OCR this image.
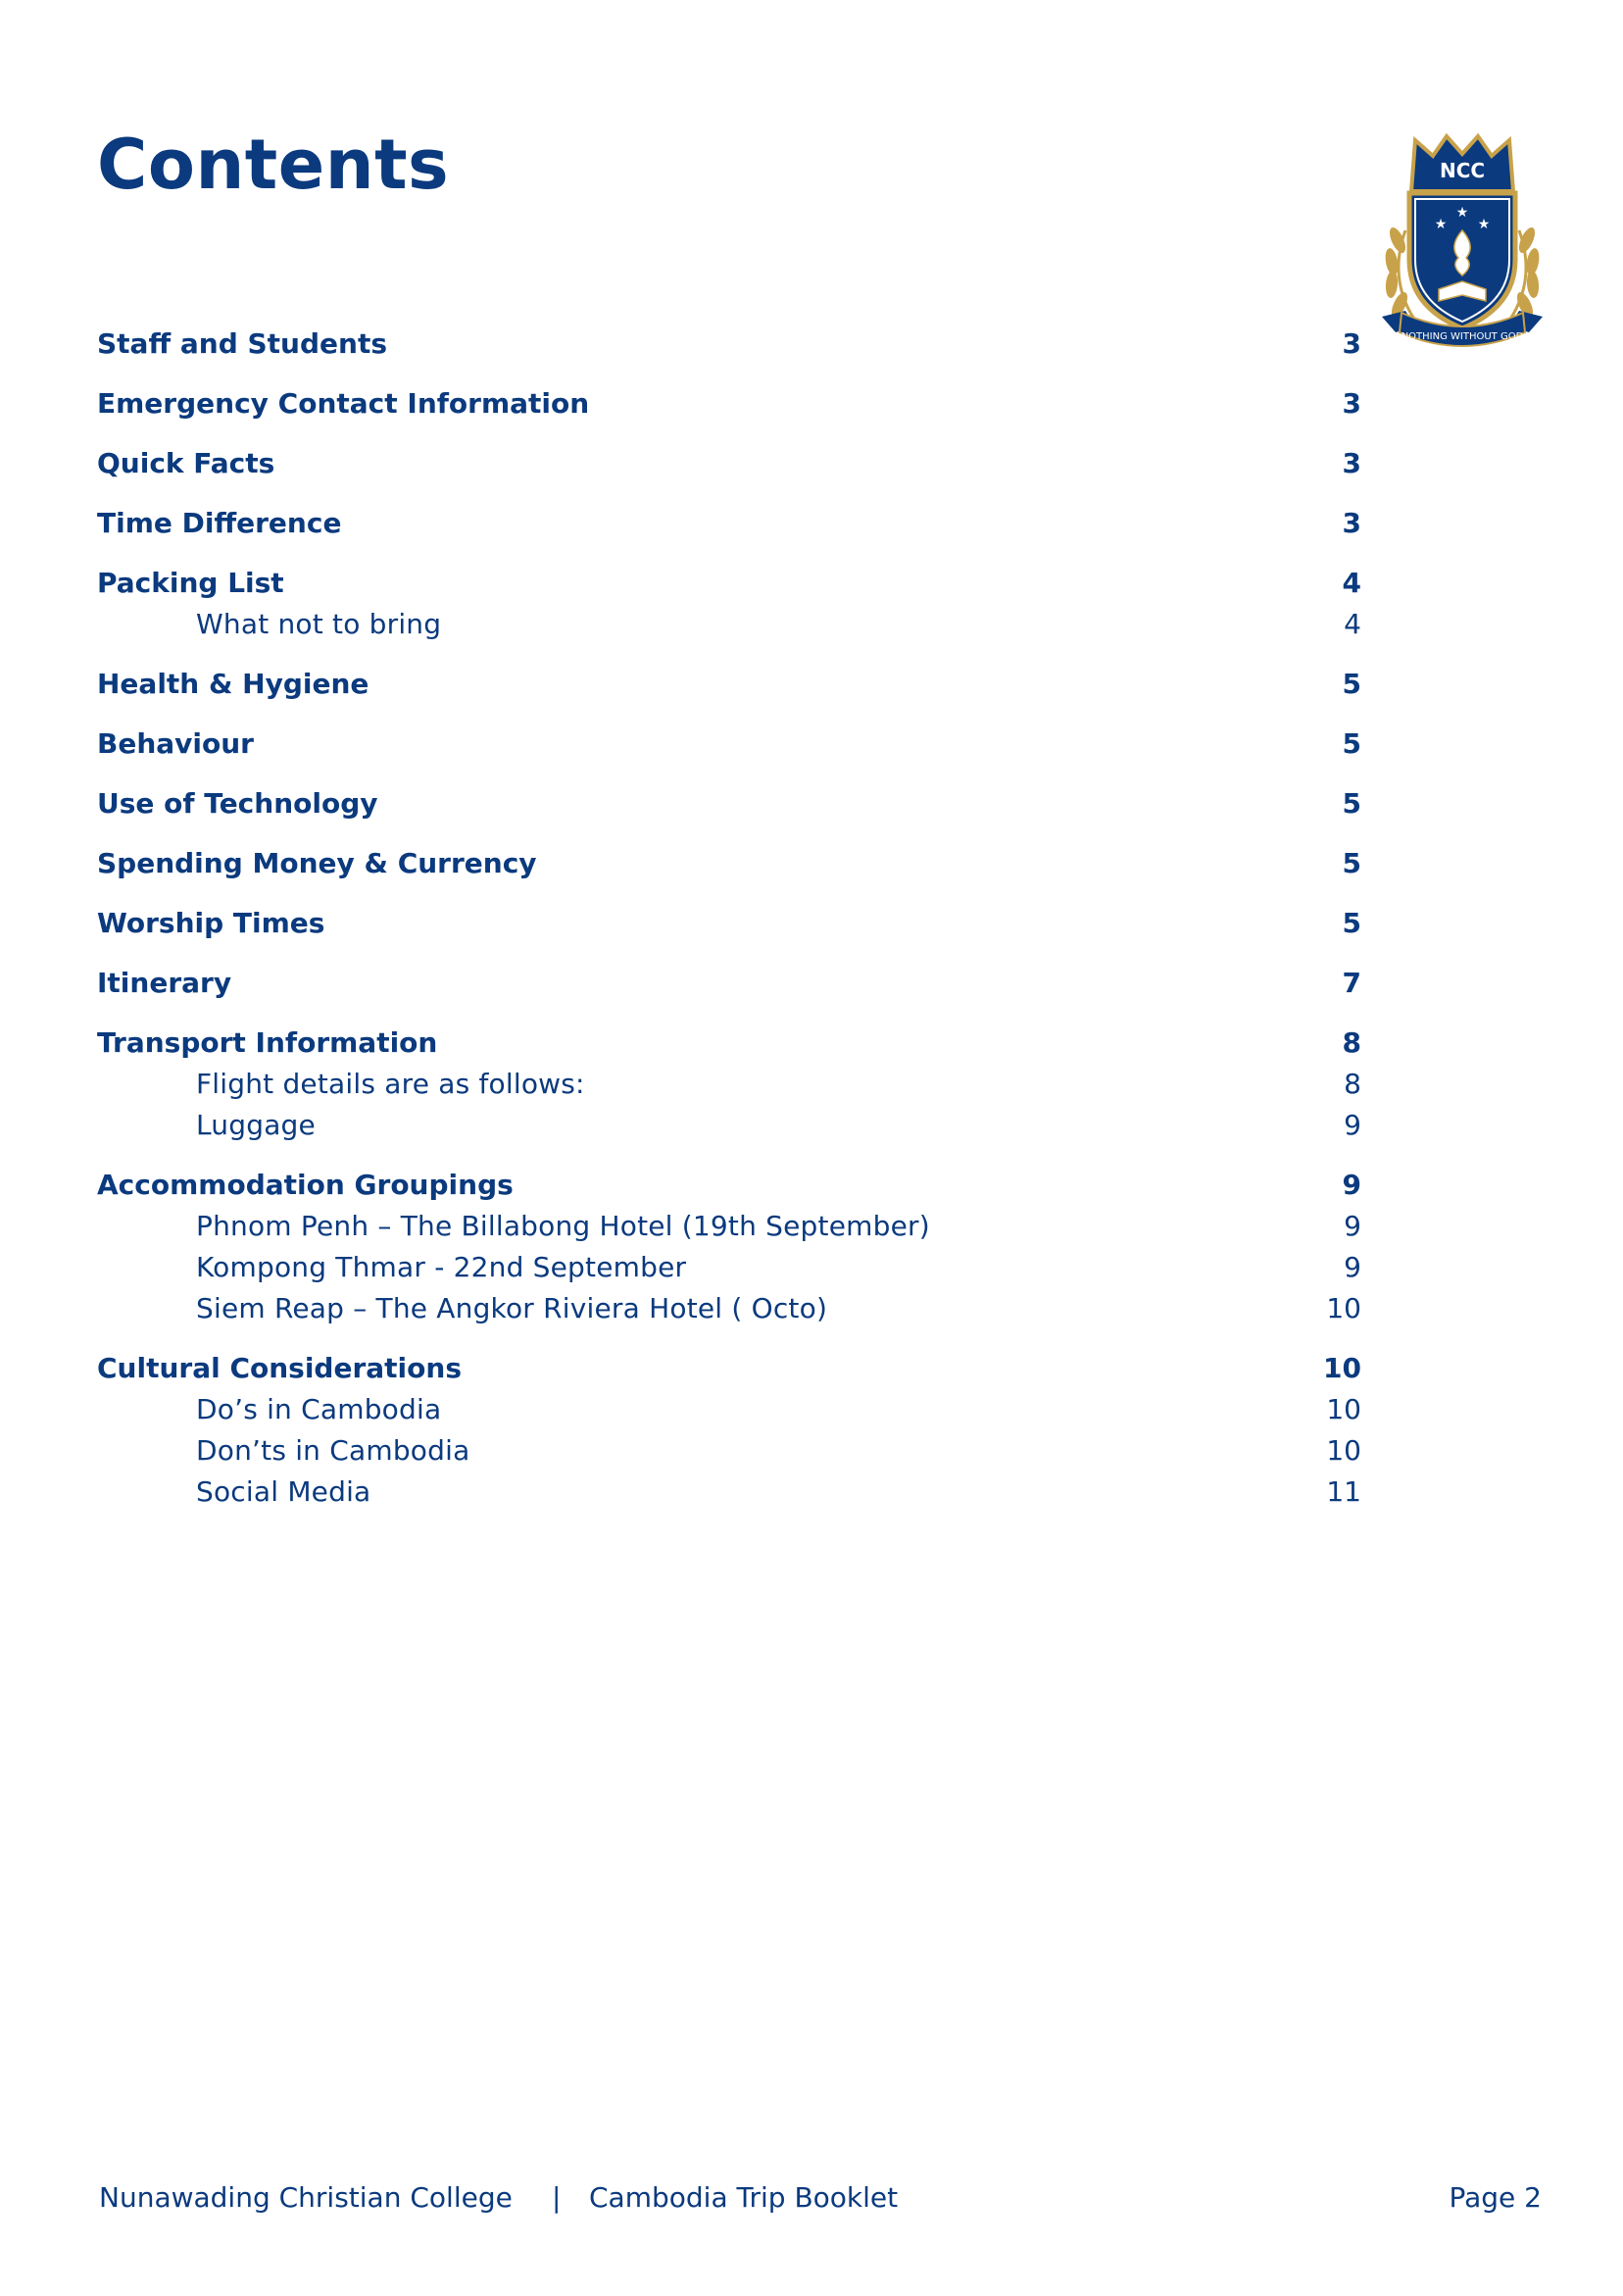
Contents	NCC
★
★
★
NOTHING WITHOUT GOD
Staff and Students	3
Emergency Contact Information	3
Quick Facts	3
Time Difference	3
Packing List	4
What not to bring	4
Health & Hygiene	5
Behaviour	5
Use of Technology	5
Spending Money & Currency	5
Worship Times	5
Itinerary	7
Transport Information	8
Flight details are as follows:	8
Luggage	9
Accommodation Groupings	9
Phnom Penh – The Billabong Hotel (19th September)	9
Kompong Thmar - 22nd September	9
Siem Reap – The Angkor Riviera Hotel ( Octo)	10
Cultural Considerations	10
Do’s in Cambodia	10
Don’ts in Cambodia	10
Social Media	11
Nunawading Christian College | Cambodia Trip Booklet	Page 2
